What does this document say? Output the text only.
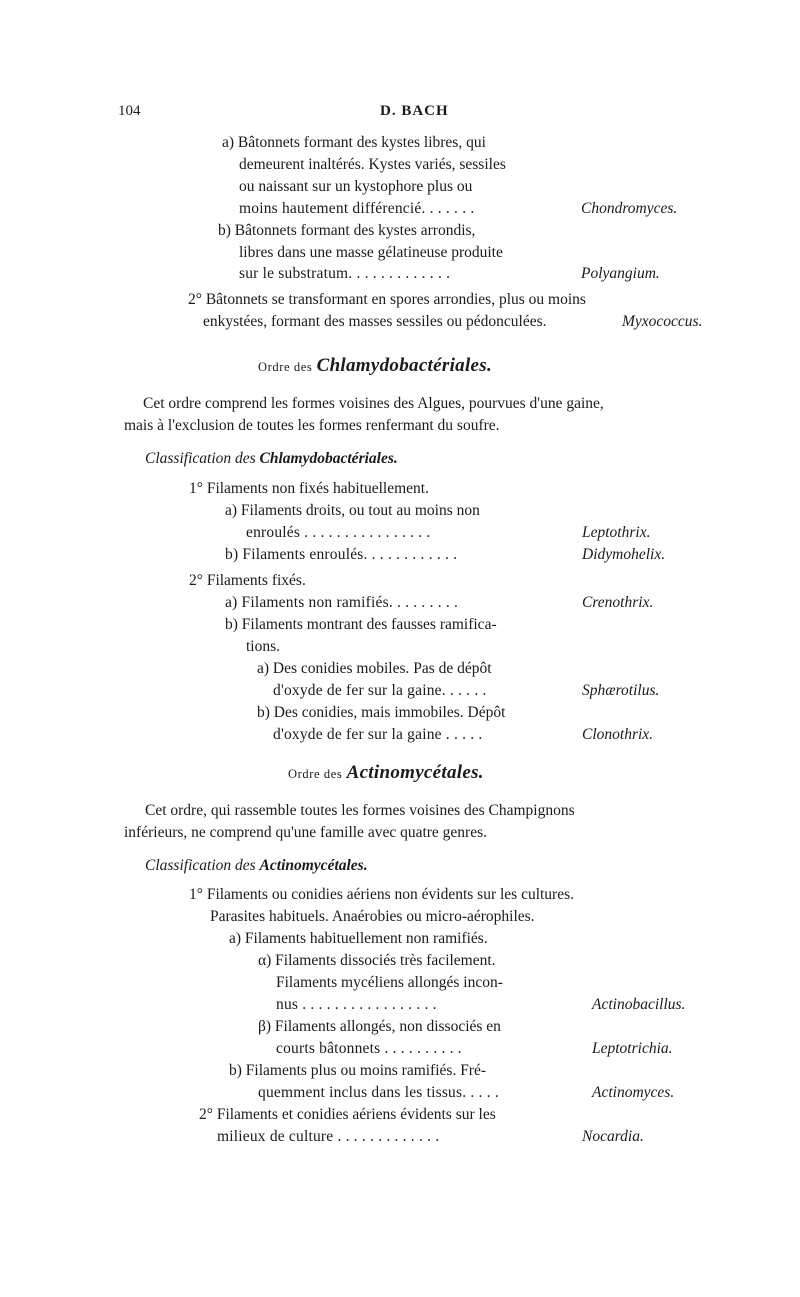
104	D. BACH
a) Bâtonnets formant des kystes libres, qui
demeurent inaltérés. Kystes variés, sessiles
ou naissant sur un kystophore plus ou
moins hautement différencié. . . . . . .	Chondromyces.
b) Bâtonnets formant des kystes arrondis,
libres dans une masse gélatineuse produite
sur le substratum. . . . . . . . . . . . .	Polyangium.
2° Bâtonnets se transformant en spores arrondies, plus ou moins
enkystées, formant des masses sessiles ou pédonculées.	Myxococcus.
Ordre des Chlamydobactériales.
Cet ordre comprend les formes voisines des Algues, pourvues d'une gaine,
mais à l'exclusion de toutes les formes renfermant du soufre.
Classification des Chlamydobactériales.
1° Filaments non fixés habituellement.
a) Filaments droits, ou tout au moins non
enroulés . . . . . . . . . . . . . . . .	Leptothrix.
b) Filaments enroulés. . . . . . . . . . . .	Didymohelix.
2° Filaments fixés.
a) Filaments non ramifiés. . . . . . . . .	Crenothrix.
b) Filaments montrant des fausses ramifica-
tions.
a) Des conidies mobiles. Pas de dépôt
d'oxyde de fer sur la gaine. . . . . .	Sphærotilus.
b) Des conidies, mais immobiles. Dépôt
d'oxyde de fer sur la gaine . . . . .	Clonothrix.
Ordre des Actinomycétales.
Cet ordre, qui rassemble toutes les formes voisines des Champignons
inférieurs, ne comprend qu'une famille avec quatre genres.
Classification des Actinomycétales.
1° Filaments ou conidies aériens non évidents sur les cultures.
Parasites habituels. Anaérobies ou micro-aérophiles.
a) Filaments habituellement non ramifiés.
α) Filaments dissociés très facilement.
Filaments mycéliens allongés incon-
nus . . . . . . . . . . . . . . . . .	Actinobacillus.
β) Filaments allongés, non dissociés en
courts bâtonnets . . . . . . . . . .	Leptotrichia.
b) Filaments plus ou moins ramifiés. Fré-
quemment inclus dans les tissus. . . . .	Actinomyces.
2° Filaments et conidies aériens évidents sur les
milieux de culture . . . . . . . . . . . . .	Nocardia.
